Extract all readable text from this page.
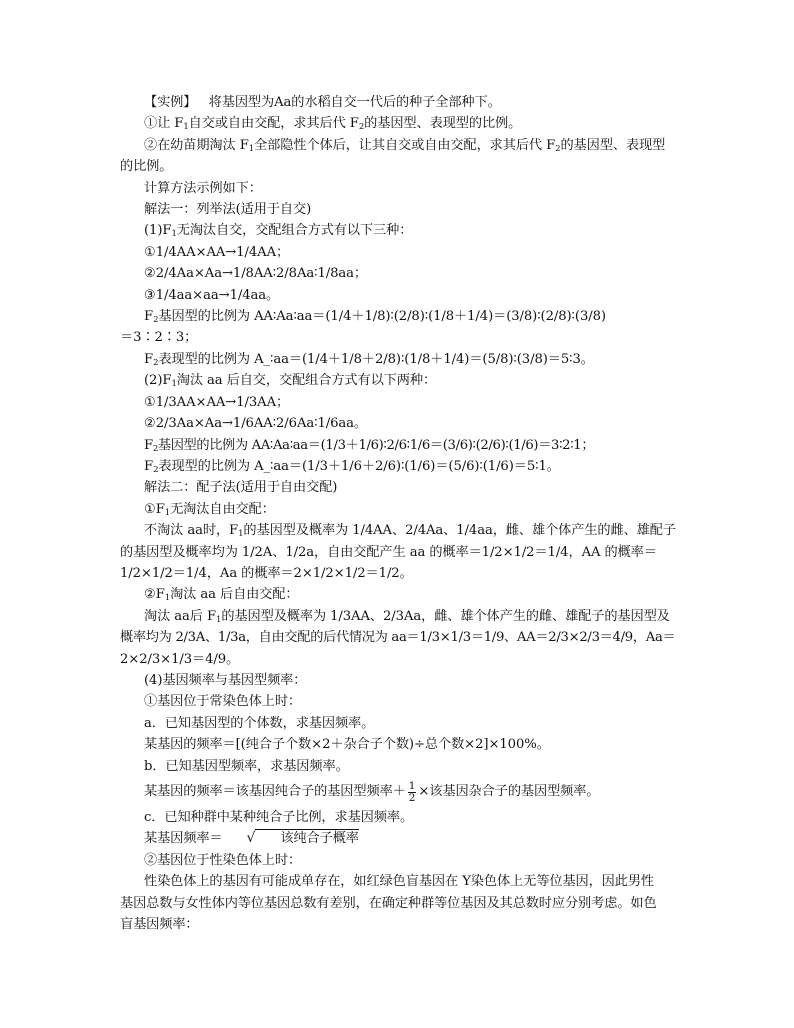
【实例】 将基因型为Aa的水稻自交一代后的种子全部种下。
①让 $F_1$自交或自由交配，求其后代 $F_2$的基因型、表现型的比例。
②在幼苗期淘汰 $F_1$全部隐性个体后，让其自交或自由交配，求其后代 $F_2$的基因型、表现型
的比例。
计算方法示例如下：
解法一：列举法(适用于自交)
$(1)F_1$无淘汰自交，交配组合方式有以下三种：
①1/4AA×AA→1/4AA；
②2/4Aa×Aa→1/8AA∶2/8Aa∶1/8aa；
③1/4aa×aa→1/4aa。
$F_2$基因型的比例为 AA∶Aa∶aa＝(1/4＋1/8)∶(2/8)∶(1/8＋1/4)＝(3/8)∶(2/8)∶(3/8)
＝3∶2∶3；
$F_2$表现型的比例为 A_∶aa＝(1/4＋1/8＋2/8)∶(1/8＋1/4)＝(5/8)∶(3/8)＝5∶3。
$(2)F_1$淘汰 aa 后自交，交配组合方式有以下两种：
①1/3AA×AA→1/3AA；
②2/3Aa×Aa→1/6AA∶2/6Aa∶1/6aa。
$F_2$基因型的比例为 AA∶Aa∶aa＝(1/3＋1/6)∶2/6∶1/6＝(3/6)∶(2/6)∶(1/6)＝3∶2∶1；
$F_2$表现型的比例为 A_∶aa＝(1/3＋1/6＋2/6)∶(1/6)＝(5/6)∶(1/6)＝5∶1。
解法二：配子法(适用于自由交配)
$①F_1$无淘汰自由交配：
不淘汰 aa时，$F_1$的基因型及概率为 1/4AA、2/4Aa、1/4aa，雌、雄个体产生的雌、雄配子
的基因型及概率均为 1/2A、1/2a，自由交配产生 aa 的概率＝1/2×1/2＝1/4，AA 的概率＝
1/2×1/2＝1/4，Aa 的概率＝2×1/2×1/2＝1/2。
$②F_1$淘汰 aa 后自由交配：
淘汰 aa后 $F_1$的基因型及概率为 1/3AA、2/3Aa，雌、雄个体产生的雌、雄配子的基因型及
概率均为 2/3A、1/3a，自由交配的后代情况为 aa＝1/3×1/3＝1/9、AA＝2/3×2/3＝4/9，Aa＝
2×2/3×1/3＝4/9。
(4)基因频率与基因型频率：
①基因位于常染色体上时：
a．已知基因型的个体数，求基因频率。
某基因的频率＝[(纯合子个数×2＋杂合子个数)÷总个数×2]×100%。
b．已知基因型频率，求基因频率。
某基因的频率＝该基因纯合子的基因型频率＋ $\frac{1}{2}$ ×该基因杂合子的基因型频率。
c．已知种群中某种纯合子比例，求基因频率。
某基因频率＝	√	该纯合子概率
②基因位于性染色体上时：
性染色体上的基因有可能成单存在，如红绿色盲基因在 Y染色体上无等位基因，因此男性
基因总数与女性体内等位基因总数有差别，在确定种群等位基因及其总数时应分别考虑。如色
盲基因频率：
